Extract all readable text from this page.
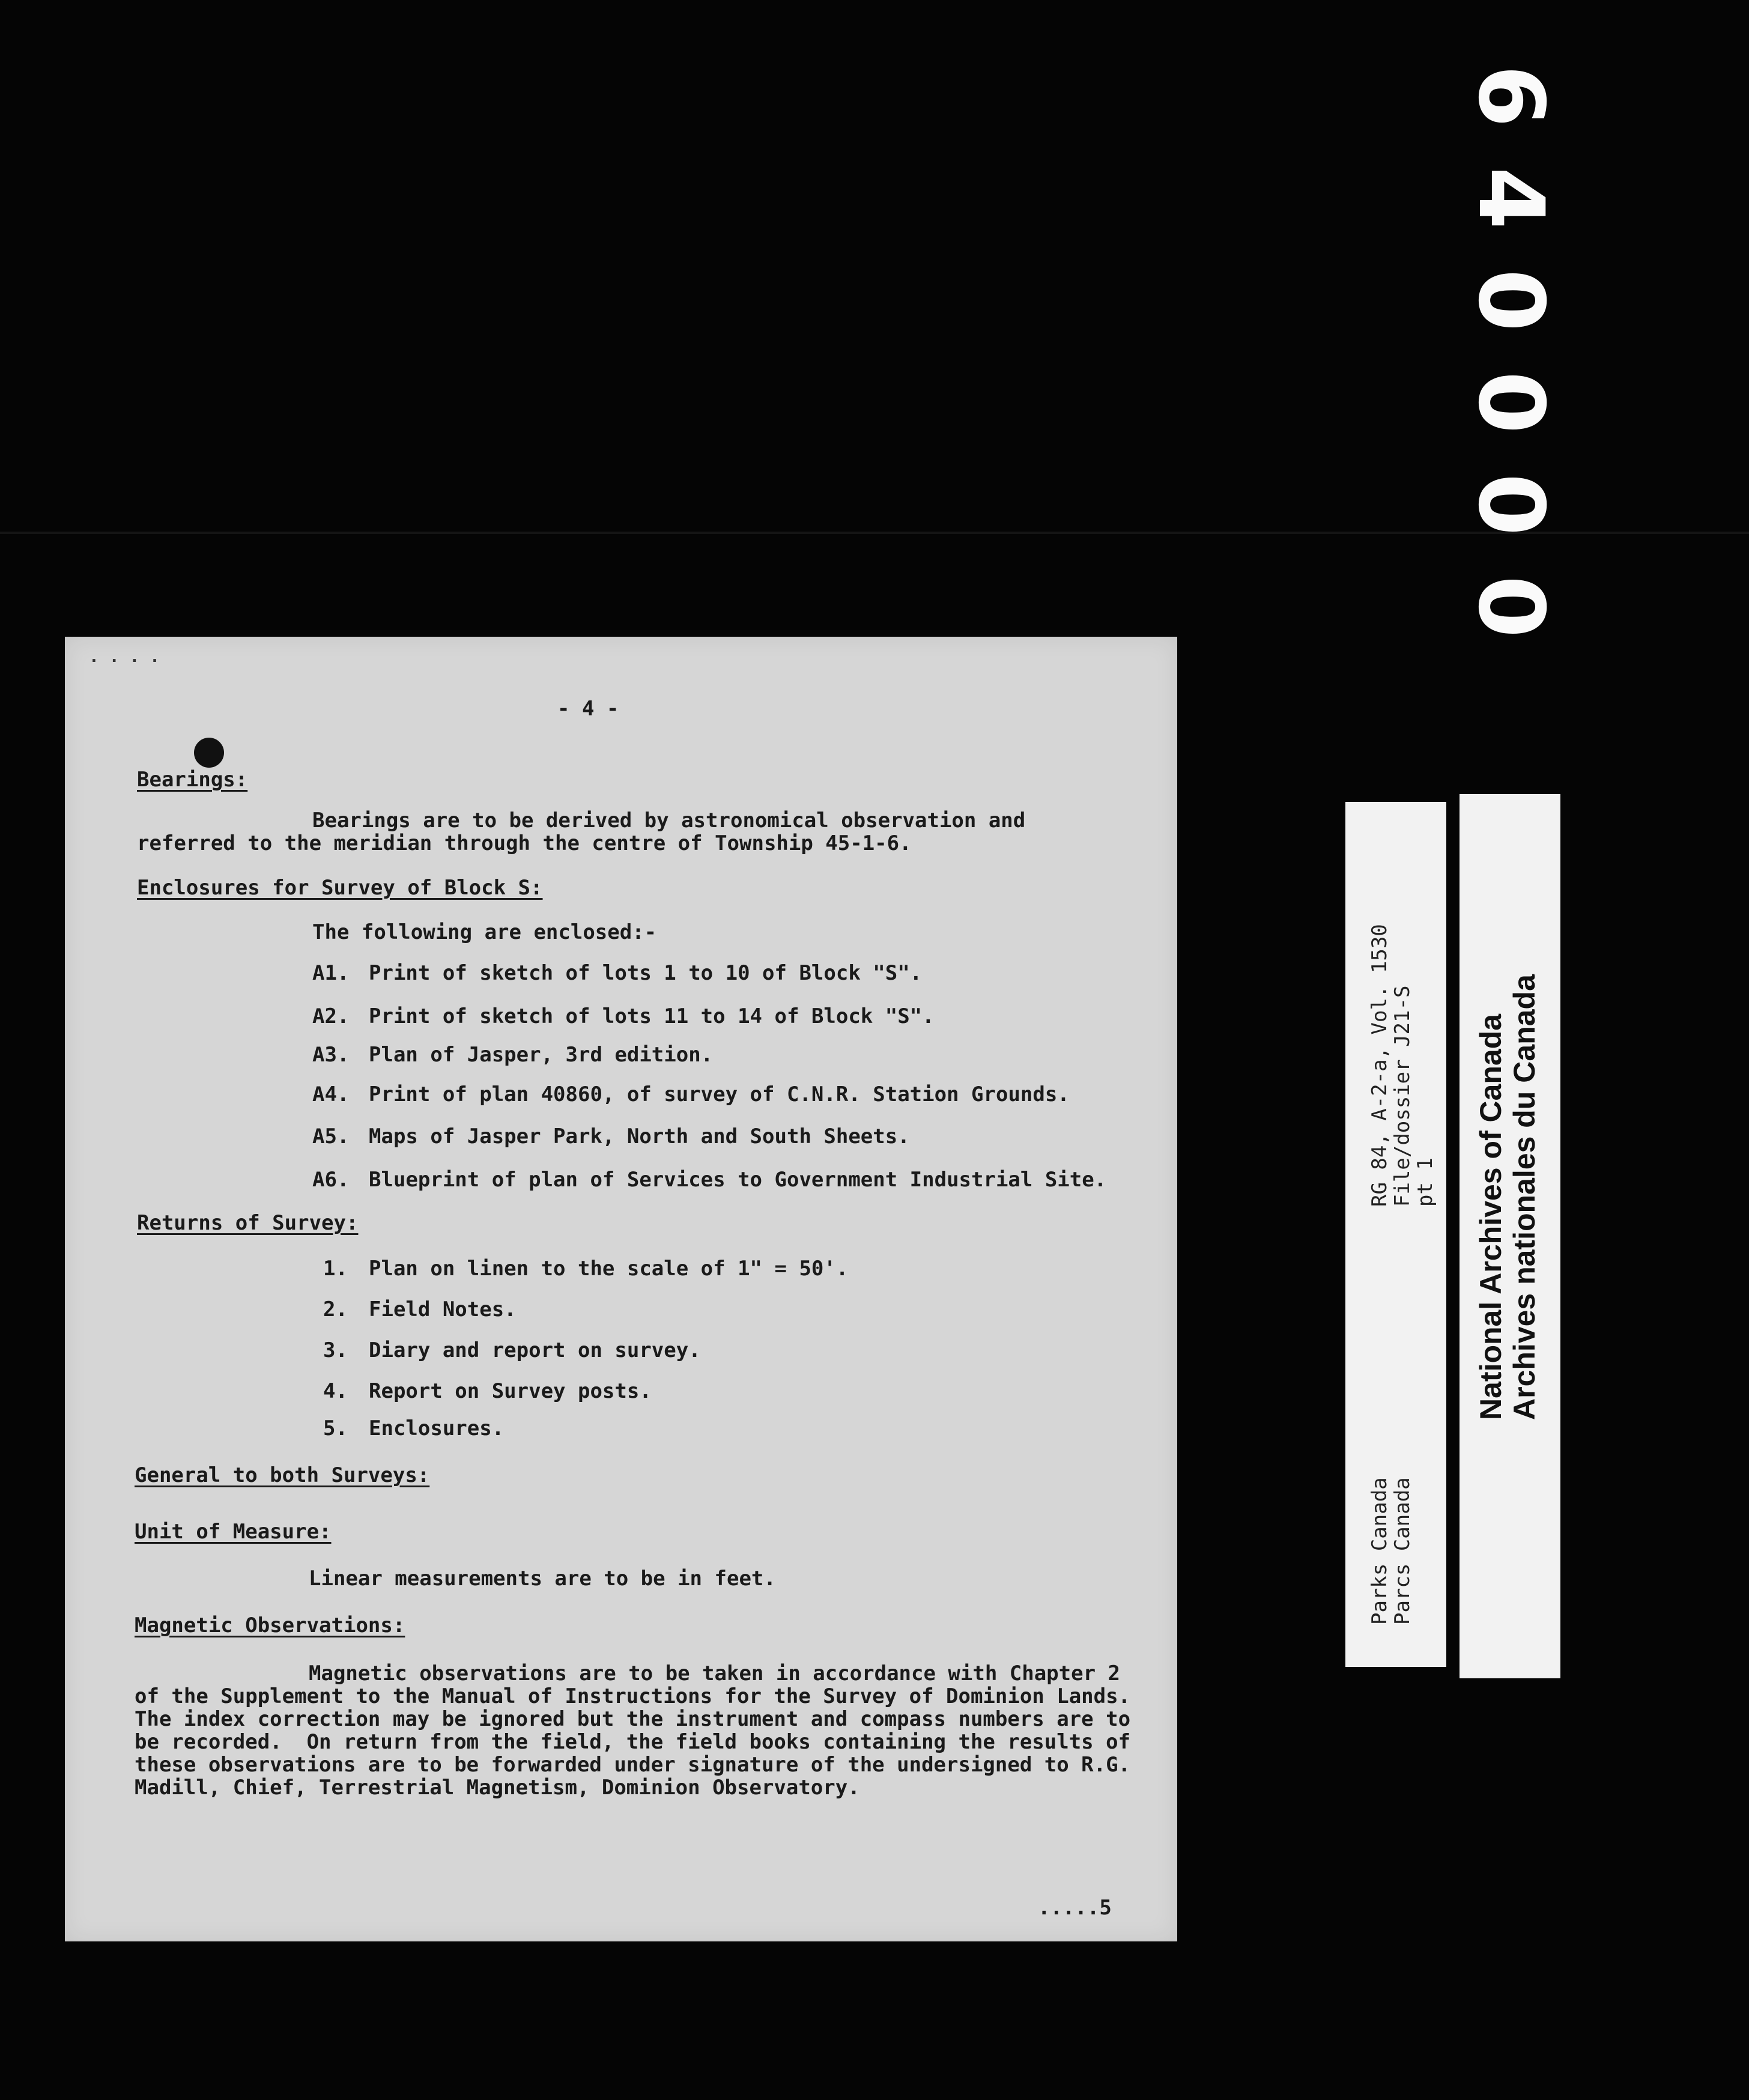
6
4
0
0
0
0
· · · ·
- 4 -
Bearings:
Bearings are to be derived by astronomical observation and
referred to the meridian through the centre of Township 45-1-6.
Enclosures for Survey of Block S:
The following are enclosed:-
A1. Print of sketch of lots 1 to 10 of Block "S".
A2. Print of sketch of lots 11 to 14 of Block "S".
A3. Plan of Jasper, 3rd edition.
A4. Print of plan 40860, of survey of C.N.R. Station Grounds.
A5. Maps of Jasper Park, North and South Sheets.
A6. Blueprint of plan of Services to Government Industrial Site.
Returns of Survey:
1. Plan on linen to the scale of 1" = 50'.
2. Field Notes.
3. Diary and report on survey.
4. Report on Survey posts.
5. Enclosures.
General to both Surveys:
Unit of Measure:
Linear measurements are to be in feet.
Magnetic Observations:
Magnetic observations are to be taken in accordance with Chapter 2
of the Supplement to the Manual of Instructions for the Survey of Dominion Lands.
The index correction may be ignored but the instrument and compass numbers are to
be recorded.  On return from the field, the field books containing the results of
these observations are to be forwarded under signature of the undersigned to R.G.
Madill, Chief, Terrestrial Magnetism, Dominion Observatory.
.....5
Parks Canada                      RG 84, A-2-a, Vol. 1530
Parcs Canada                      File/dossier J21-S
pt 1 National Archives of Canada Archives nationales du Canada
